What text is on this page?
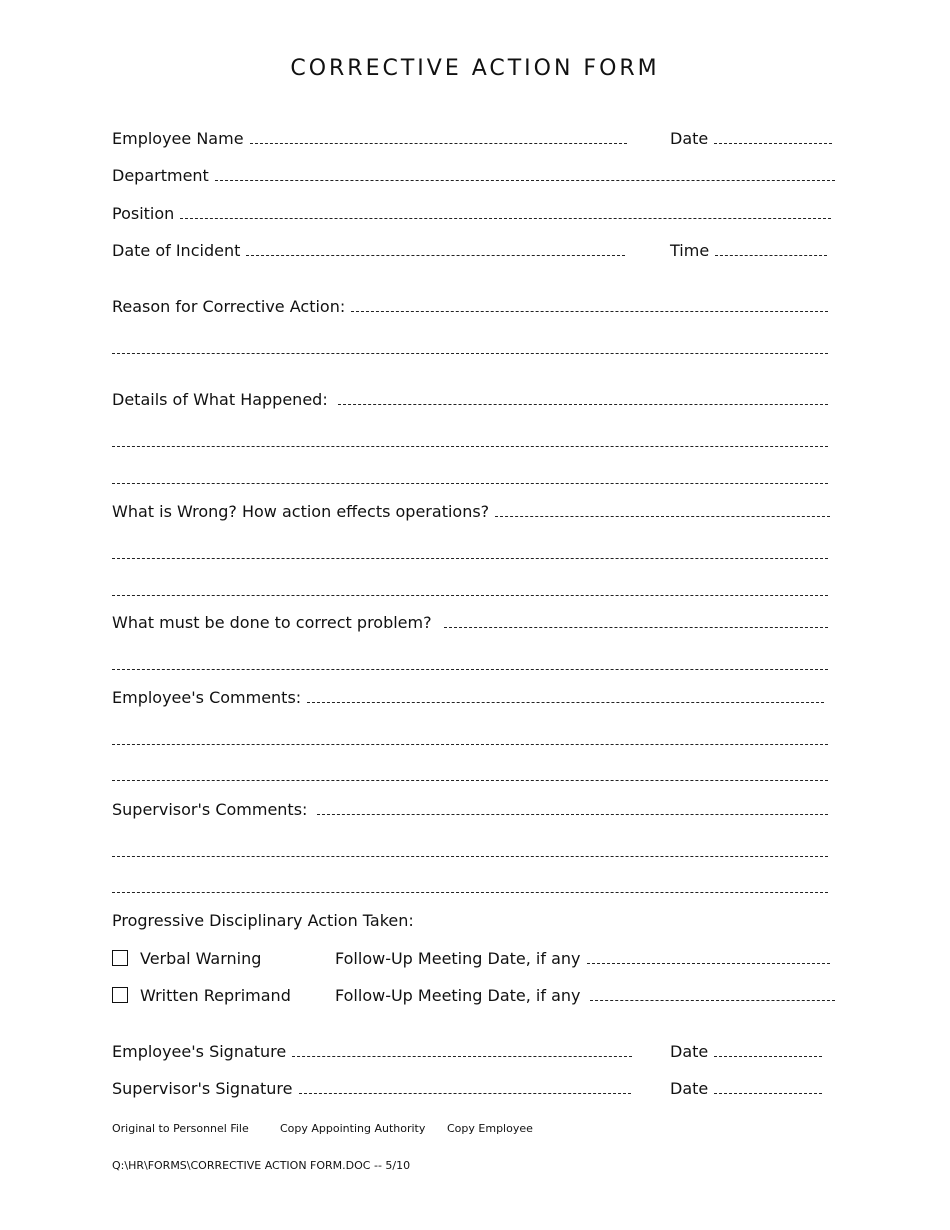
CORRECTIVE ACTION FORM
Employee Name	Date
Department
Position
Date of Incident	Time
Reason for Corrective Action:
Details of What Happened:
What is Wrong? How action effects operations?
What must be done to correct problem?
Employee's Comments:
Supervisor's Comments:
Progressive Disciplinary Action Taken:
Verbal Warning	Follow-Up Meeting Date, if any
Written Reprimand	Follow-Up Meeting Date, if any
Employee's Signature	Date
Supervisor's Signature	Date
Original to Personnel File	Copy Appointing Authority Copy Employee
Q:\HR\FORMS\CORRECTIVE ACTION FORM.DOC -- 5/10
